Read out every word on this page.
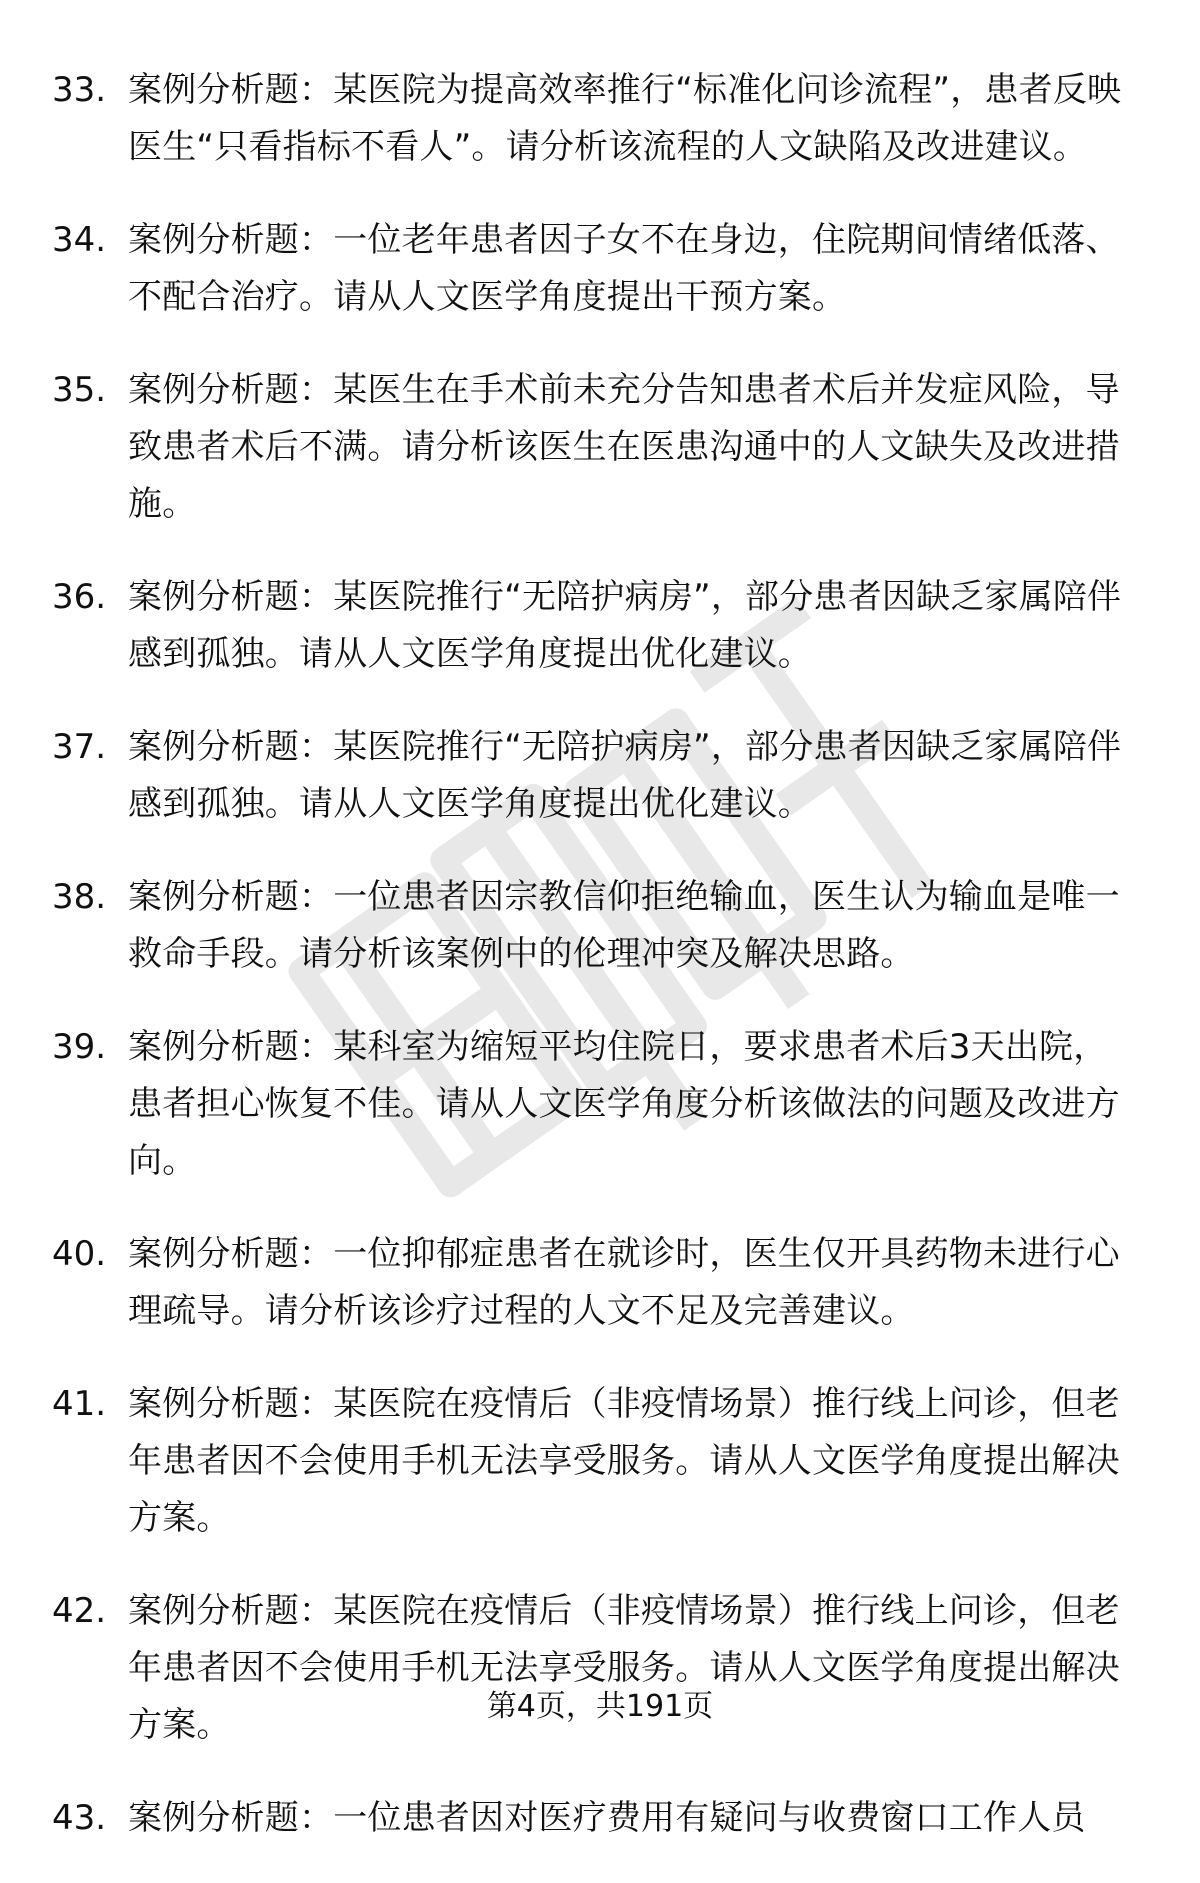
33. 案例分析题：某医院为提高效率推行“标准化问诊流程”，患者反映医生“只看指标不看人”。请分析该流程的人文缺陷及改进建议。
34. 案例分析题：一位老年患者因子女不在身边，住院期间情绪低落、不配合治疗。请从人文医学角度提出干预方案。
35. 案例分析题：某医生在手术前未充分告知患者术后并发症风险，导致患者术后不满。请分析该医生在医患沟通中的人文缺失及改进措施。
36. 案例分析题：某医院推行“无陪护病房”，部分患者因缺乏家属陪伴感到孤独。请从人文医学角度提出优化建议。
37. 案例分析题：某医院推行“无陪护病房”，部分患者因缺乏家属陪伴感到孤独。请从人文医学角度提出优化建议。
38. 案例分析题：一位患者因宗教信仰拒绝输血，医生认为输血是唯一救命手段。请分析该案例中的伦理冲突及解决思路。
39. 案例分析题：某科室为缩短平均住院日，要求患者术后3天出院，患者担心恢复不佳。请从人文医学角度分析该做法的问题及改进方向。
40. 案例分析题：一位抑郁症患者在就诊时，医生仅开具药物未进行心理疏导。请分析该诊疗过程的人文不足及完善建议。
41. 案例分析题：某医院在疫情后（非疫情场景）推行线上问诊，但老年患者因不会使用手机无法享受服务。请从人文医学角度提出解决方案。
42. 案例分析题：某医院在疫情后（非疫情场景）推行线上问诊，但老年患者因不会使用手机无法享受服务。请从人文医学角度提出解决方案。
43. 案例分析题：一位患者因对医疗费用有疑问与收费窗口工作人员
第4页，共191页
